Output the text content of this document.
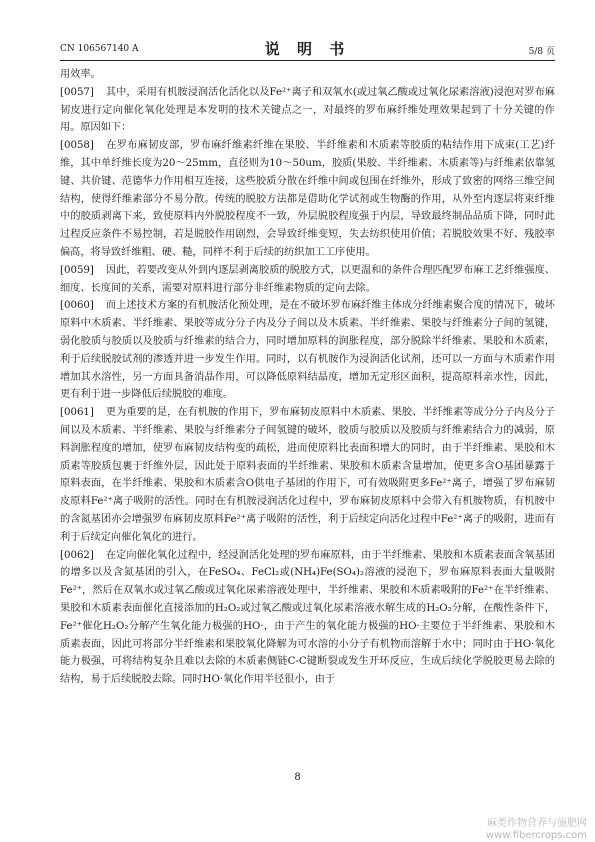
CN 106567140 A	说 明 书	5/8 页

用效率。

[0057] 其中，采用有机胺浸润活化活化以及Fe²⁺离子和双氧水(或过氧乙酸或过氧化尿素溶液)浸泡对罗布麻韧皮进行定向催化氧化处理是本发明的技术关键点之一，对最终的罗布麻纤维处理效果起到了十分关键的作用。原因如下：

[0058] 在罗布麻韧皮部，罗布麻纤维素纤维在果胶、半纤维素和木质素等胶质的粘结作用下成束(工艺)纤维，其中单纤维长度为20～25mm，直径则为10～50um，胶质(果胶、半纤维素、木质素等)与纤维素依靠氢键、共价键、范德华力作用相互连接，这些胶质分散在纤维中间或包围在纤维外，形成了致密的网络三维空间结构，使得纤维素部分不易分散。传统的脱胶方法都是借助化学试剂或生物酶的作用，从外至内逐层将束纤维中的胶质剥离下来，致使原料内外脱胶程度不一致，外层脱胶程度强于内层，导致最终制品品质下降，同时此过程反应条件不易控制，若是脱胶作用剧烈，会导致纤维变短，失去纺织使用价值；若脱胶效果不好、残胶率偏高，将导致纤维粗、硬、糙，同样不利于后续的纺织加工工序使用。

[0059] 因此，若要改变从外到内逐层剥离胶质的脱胶方式，以更温和的条件合理匹配罗布麻工艺纤维强度、细度、长度间的关系，需要对原料进行部分非纤维素物质的定向去除。

[0060] 而上述技术方案的有机胺活化预处理，是在不破坏罗布麻纤维主体成分纤维素聚合度的情况下，破坏原料中木质素、半纤维素、果胶等成分分子内及分子间以及木质素、半纤维素、果胶与纤维素分子间的氢键，弱化胶质与胶质以及胶质与纤维素的结合力，同时增加原料的润胀程度，部分脱除半纤维素、果胶和木质素，利于后续脱胶试剂的渗透并进一步发生作用。同时，以有机胺作为浸润活化试剂，还可以一方面与木质素作用增加其水溶性，另一方面具备消晶作用，可以降低原料结晶度，增加无定形区面积，提高原料亲水性，因此，更有利于进一步降低后续脱胶的难度。

[0061] 更为重要的是，在有机胺的作用下，罗布麻韧皮原料中木质素、果胶、半纤维素等成分分子内及分子间以及木质素、半纤维素、果胶与纤维素分子间氢键的破坏，胶质与胶质以及胶质与纤维素结合力的减弱，原料润胀程度的增加，使罗布麻韧皮结构变的疏松，进而使原料比表面积增大的同时，由于半纤维素、果胶和木质素等胶质包裹于纤维外层，因此处于原料表面的半纤维素、果胶和木质素含量增加，使更多含O基团暴露于原料表面，在半纤维素、果胶和木质素含O供电子基团的作用下，可有效吸附更多Fe²⁺离子，增强了罗布麻韧皮原料Fe²⁺离子吸附的活性。同时在有机胺浸润活化过程中，罗布麻韧皮原料中会带入有机胺物质，有机胺中的含氮基团亦会增强罗布麻韧皮原料Fe²⁺离子吸附的活性，利于后续定向活化过程中Fe²⁺离子的吸附，进而有利于后续定向催化氧化的进行。

[0062] 在定向催化氧化过程中，经浸润活化处理的罗布麻原料，由于半纤维素、果胶和木质素表面含氧基团的增多以及含氮基团的引入，在FeSO₄、FeCl₂或(NH₄)Fe(SO₄)₂溶液的浸泡下，罗布麻原料表面大量吸附Fe²⁺，然后在双氧水或过氧乙酸或过氧化尿素溶液处理中，半纤维素、果胶和木质素吸附的Fe²⁺在半纤维素、果胶和木质素表面催化直接添加的H₂O₂或过氧乙酸或过氧化尿素溶液水解生成的H₂O₂分解，在酸性条件下，Fe²⁺催化H₂O₂分解产生氧化能力极强的HO·，由于产生的氧化能力极强的HO·主要位于半纤维素、果胶和木质素表面，因此可将部分半纤维素和果胶氧化降解为可水溶的小分子有机物而溶解于水中；同时由于HO·氧化能力极强，可将结构复杂且难以去除的木质素侧链C-C键断裂或发生开环反应，生成后续化学脱胶更易去除的结构，易于后续脱胶去除。同时HO·氧化作用半径很小，由于

8
麻类作物营养与施肥网
www.fibercrops.com
